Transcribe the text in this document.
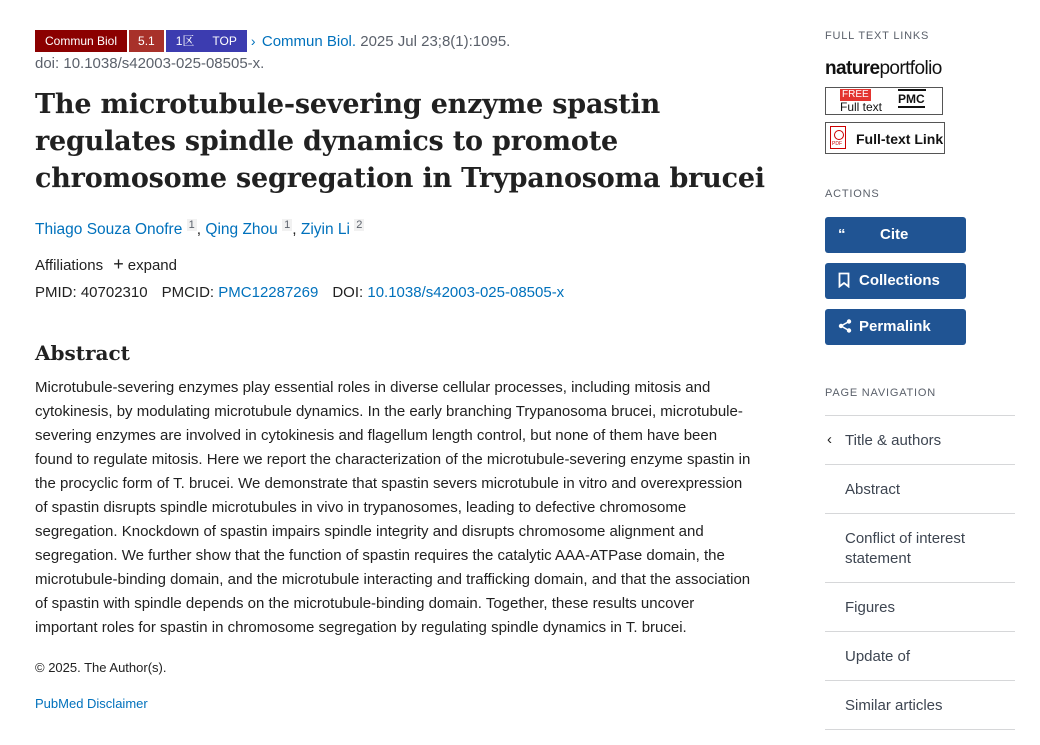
Commun Biol 5.1 1区 TOP › Commun Biol. 2025 Jul 23;8(1):1095.
doi: 10.1038/s42003-025-08505-x.
The microtubule-severing enzyme spastin regulates spindle dynamics to promote chromosome segregation in Trypanosoma brucei
Thiago Souza Onofre $^1$ , Qing Zhou $^1$ , Ziyin Li $^2$
Affiliations + expand
PMID: 40702310 PMCID: PMC12287269 DOI: 10.1038/s42003-025-08505-x
Abstract
Microtubule-severing enzymes play essential roles in diverse cellular processes, including mitosis and cytokinesis, by modulating microtubule dynamics. In the early branching Trypanosoma brucei, microtubule-severing enzymes are involved in cytokinesis and flagellum length control, but none of them have been found to regulate mitosis. Here we report the characterization of the microtubule-severing enzyme spastin in the procyclic form of T. brucei. We demonstrate that spastin severs microtubule in vitro and overexpression of spastin disrupts spindle microtubules in vivo in trypanosomes, leading to defective chromosome segregation. Knockdown of spastin impairs spindle integrity and disrupts chromosome alignment and segregation. We further show that the function of spastin requires the catalytic AAA-ATPase domain, the microtubule-binding domain, and the microtubule interacting and trafficking domain, and that the association of spastin with spindle depends on the microtubule-binding domain. Together, these results uncover important roles for spastin in chromosome segregation by regulating spindle dynamics in T. brucei.
© 2025. The Author(s).
PubMed Disclaimer
FULL TEXT LINKS
natureportfolio
FREE
Full text
PMC
PDF
Full-text Link
ACTIONS
“ Cite
Collections
Permalink
PAGE NAVIGATION
‹ Title & authors
Abstract
Conflict of interest statement
Figures
Update of
Similar articles
